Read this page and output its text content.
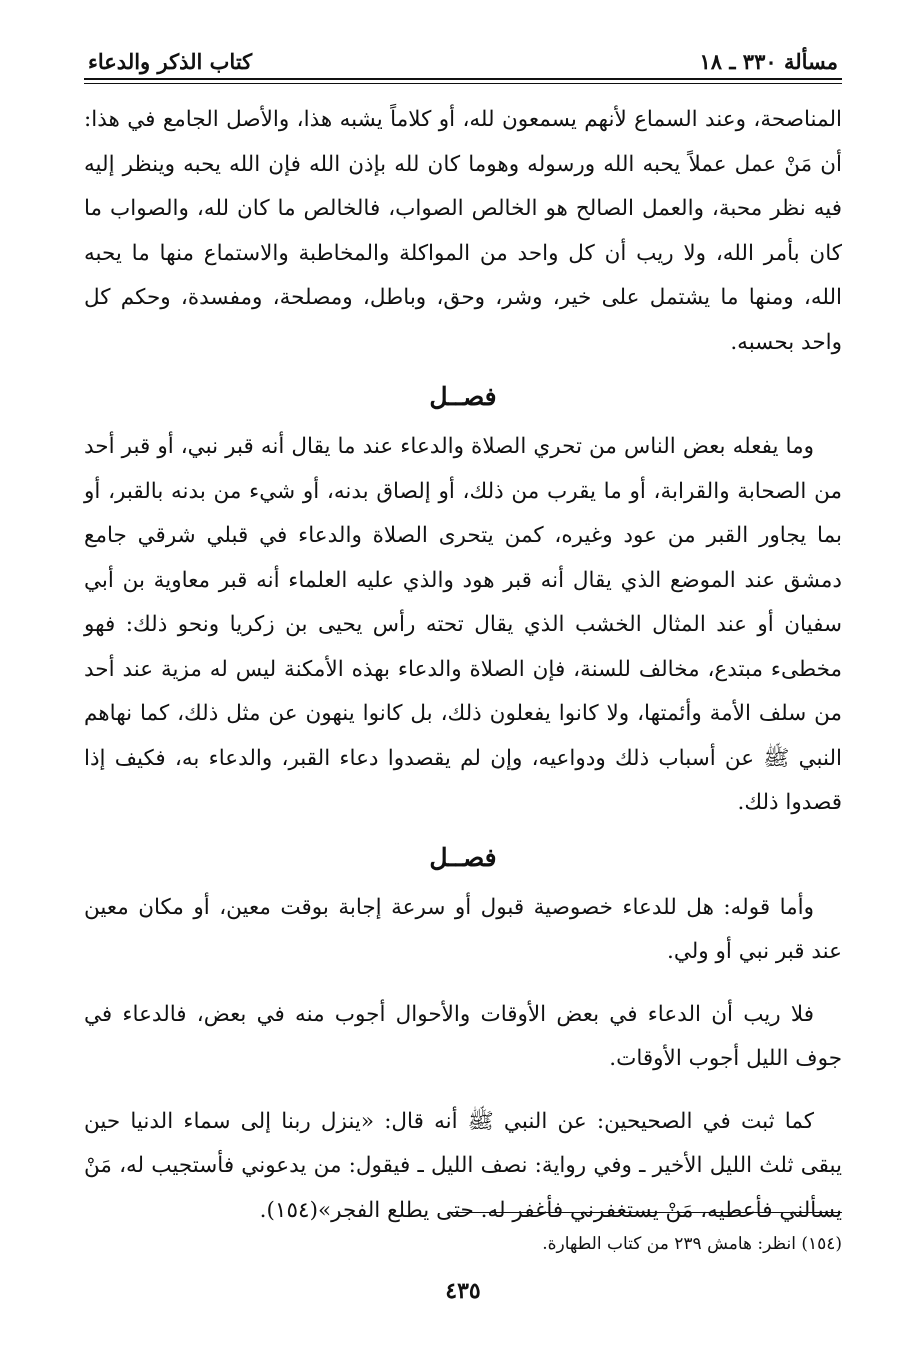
مسألة ٣٣٠ ـ ١٨
كتاب الذكر والدعاء

المناصحة، وعند السماع لأنهم يسمعون لله، أو كلاماً يشبه هذا، والأصل الجامع في هذا: أن مَنْ عمل عملاً يحبه الله ورسوله وهوما كان لله بإذن الله فإن الله يحبه وينظر إليه فيه نظر محبة، والعمل الصالح هو الخالص الصواب، فالخالص ما كان لله، والصواب ما كان بأمر الله، ولا ريب أن كل واحد من المواكلة والمخاطبة والاستماع منها ما يحبه الله، ومنها ما يشتمل على خير، وشر، وحق، وباطل، ومصلحة، ومفسدة، وحكم كل واحد بحسبه.

فصــل

وما يفعله بعض الناس من تحري الصلاة والدعاء عند ما يقال أنه قبر نبي، أو قبر أحد من الصحابة والقرابة، أو ما يقرب من ذلك، أو إلصاق بدنه، أو شيء من بدنه بالقبر، أو بما يجاور القبر من عود وغيره، كمن يتحرى الصلاة والدعاء في قبلي شرقي جامع دمشق عند الموضع الذي يقال أنه قبر هود والذي عليه العلماء أنه قبر معاوية بن أبي سفيان أو عند المثال الخشب الذي يقال تحته رأس يحيى بن زكريا ونحو ذلك: فهو مخطىء مبتدع، مخالف للسنة، فإن الصلاة والدعاء بهذه الأمكنة ليس له مزية عند أحد من سلف الأمة وأئمتها، ولا كانوا يفعلون ذلك، بل كانوا ينهون عن مثل ذلك، كما نهاهم النبي ﷺ عن أسباب ذلك ودواعيه، وإن لم يقصدوا دعاء القبر، والدعاء به، فكيف إذا قصدوا ذلك.

فصــل

وأما قوله: هل للدعاء خصوصية قبول أو سرعة إجابة بوقت معين، أو مكان معين عند قبر نبي أو ولي.

فلا ريب أن الدعاء في بعض الأوقات والأحوال أجوب منه في بعض، فالدعاء في جوف الليل أجوب الأوقات.

كما ثبت في الصحيحين: عن النبي ﷺ أنه قال: «ينزل ربنا إلى سماء الدنيا حين يبقى ثلث الليل الأخير ـ وفي رواية: نصف الليل ـ فيقول: من يدعوني فأستجيب له، مَنْ يسألني فأعطيه، مَنْ يستغفرني فأغفر له. حتى يطلع الفجر»(١٥٤).

(١٥٤) انظر: هامش ٢٣٩ من كتاب الطهارة.
٤٣٥
